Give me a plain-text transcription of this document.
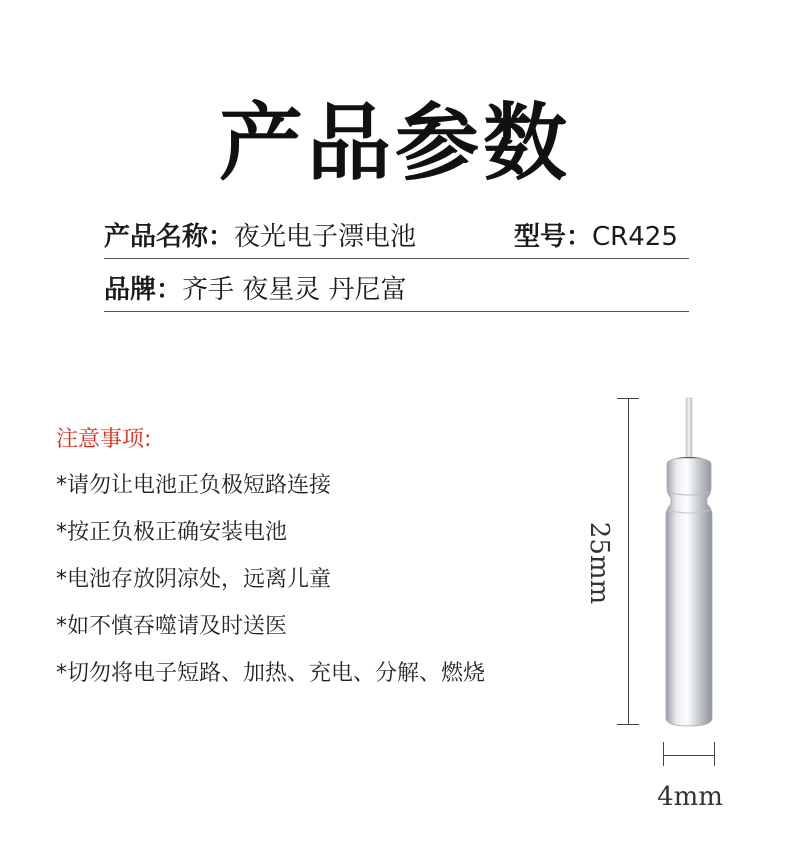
产品参数
产品名称：夜光电子漂电池	型号：CR425
品牌：齐手 夜星灵 丹尼富
注意事项:
*请勿让电池正负极短路连接
*按正负极正确安装电池
*电池存放阴凉处，远离儿童
*如不慎吞噬请及时送医
*切勿将电子短路、加热、充电、分解、燃烧
25mm
4mm
